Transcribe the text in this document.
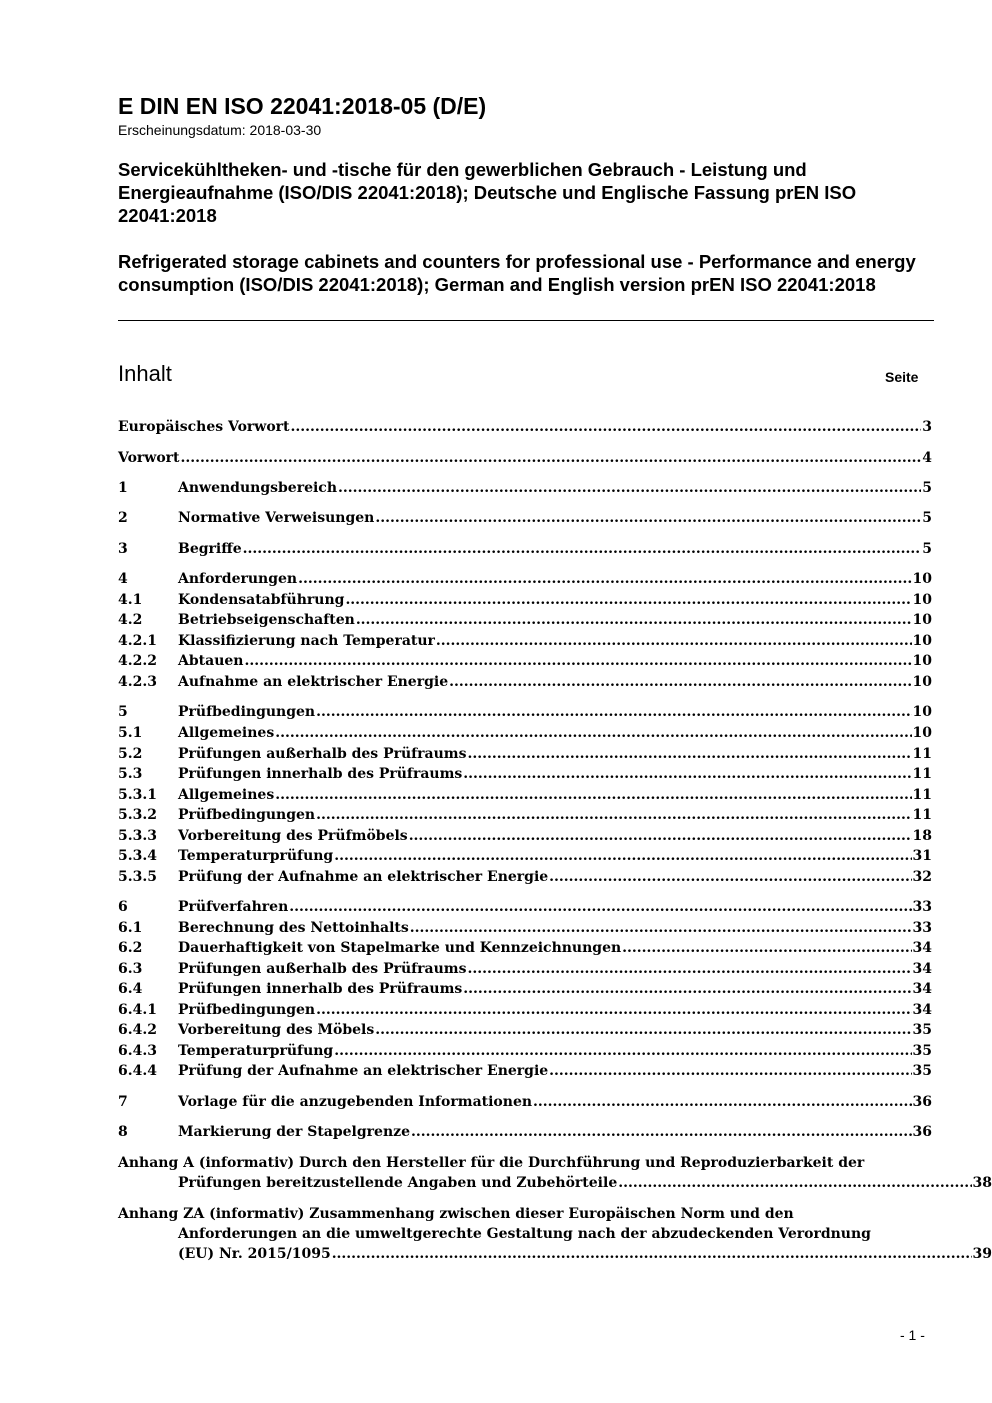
E DIN EN ISO 22041:2018-05 (D/E)
Erscheinungsdatum: 2018-03-30

Servicekühltheken- und -tische für den gewerblichen Gebrauch - Leistung und Energieaufnahme (ISO/DIS 22041:2018); Deutsche und Englische Fassung prEN ISO 22041:2018

Refrigerated storage cabinets and counters for professional use - Performance and energy consumption (ISO/DIS 22041:2018); German and English version prEN ISO 22041:2018

Inhalt	Seite
Europäisches Vorwort .....	3
Vorwort .....	4
1	Anwendungsbereich .....	5
2	Normative Verweisungen .....	5
3	Begriffe .....	5
4	Anforderungen .....	10
4.1	Kondensatabführung .....	10
4.2	Betriebseigenschaften .....	10
4.2.1	Klassifizierung nach Temperatur .....	10
4.2.2	Abtauen .....	10
4.2.3	Aufnahme an elektrischer Energie .....	10
5	Prüfbedingungen .....	10
5.1	Allgemeines .....	10
5.2	Prüfungen außerhalb des Prüfraums .....	11
5.3	Prüfungen innerhalb des Prüfraums .....	11
5.3.1	Allgemeines .....	11
5.3.2	Prüfbedingungen .....	11
5.3.3	Vorbereitung des Prüfmöbels .....	18
5.3.4	Temperaturprüfung .....	31
5.3.5	Prüfung der Aufnahme an elektrischer Energie .....	32
6	Prüfverfahren .....	33
6.1	Berechnung des Nettoinhalts .....	33
6.2	Dauerhaftigkeit von Stapelmarke und Kennzeichnungen .....	34
6.3	Prüfungen außerhalb des Prüfraums .....	34
6.4	Prüfungen innerhalb des Prüfraums .....	34
6.4.1	Prüfbedingungen .....	34
6.4.2	Vorbereitung des Möbels .....	35
6.4.3	Temperaturprüfung .....	35
6.4.4	Prüfung der Aufnahme an elektrischer Energie .....	35
7	Vorlage für die anzugebenden Informationen .....	36
8	Markierung der Stapelgrenze .....	36
Anhang A (informativ) Durch den Hersteller für die Durchführung und Reproduzierbarkeit der
Prüfungen bereitzustellende Angaben und Zubehörteile .....	38
Anhang ZA (informativ) Zusammenhang zwischen dieser Europäischen Norm und den
Anforderungen an die umweltgerechte Gestaltung nach der abzudeckenden Verordnung
(EU) Nr. 2015/1095 .....	39
- 1 -
